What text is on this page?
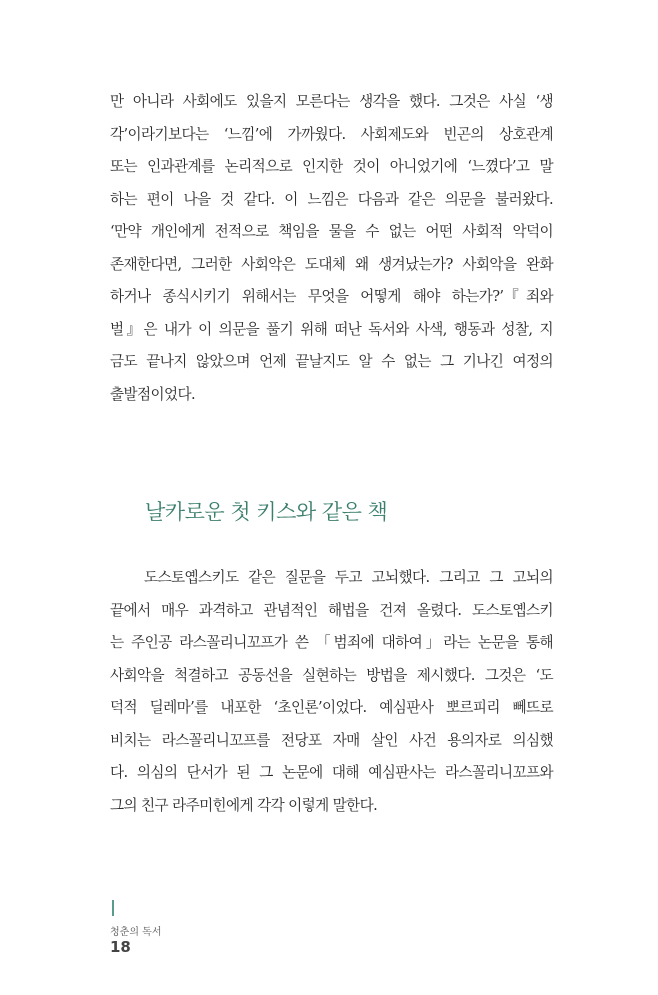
만 아니라 사회에도 있을지 모른다는 생각을 했다. 그것은 사실 ‘생
각’이라기보다는 ‘느낌’에 가까웠다. 사회제도와 빈곤의 상호관계
또는 인과관계를 논리적으로 인지한 것이 아니었기에 ‘느꼈다’고 말
하는 편이 나을 것 같다. 이 느낌은 다음과 같은 의문을 불러왔다.
‘만약 개인에게 전적으로 책임을 물을 수 없는 어떤 사회적 악덕이
존재한다면, 그러한 사회악은 도대체 왜 생겨났는가? 사회악을 완화
하거나 종식시키기 위해서는 무엇을 어떻게 해야 하는가?’『죄와
벌』은 내가 이 의문을 풀기 위해 떠난 독서와 사색, 행동과 성찰, 지
금도 끝나지 않았으며 언제 끝날지도 알 수 없는 그 기나긴 여정의
출발점이었다.
날카로운 첫 키스와 같은 책
도스토옙스키도 같은 질문을 두고 고뇌했다. 그리고 그 고뇌의
끝에서 매우 과격하고 관념적인 해법을 건져 올렸다. 도스토옙스키
는 주인공 라스꼴리니꼬프가 쓴 「범죄에 대하여」라는 논문을 통해
사회악을 척결하고 공동선을 실현하는 방법을 제시했다. 그것은 ‘도
덕적 딜레마’를 내포한 ‘초인론’이었다. 예심판사 뽀르피리 뻬뜨로
비치는 라스꼴리니꼬프를 전당포 자매 살인 사건 용의자로 의심했
다. 의심의 단서가 된 그 논문에 대해 예심판사는 라스꼴리니꼬프와
그의 친구 라주미힌에게 각각 이렇게 말한다.
청춘의 독서
18
